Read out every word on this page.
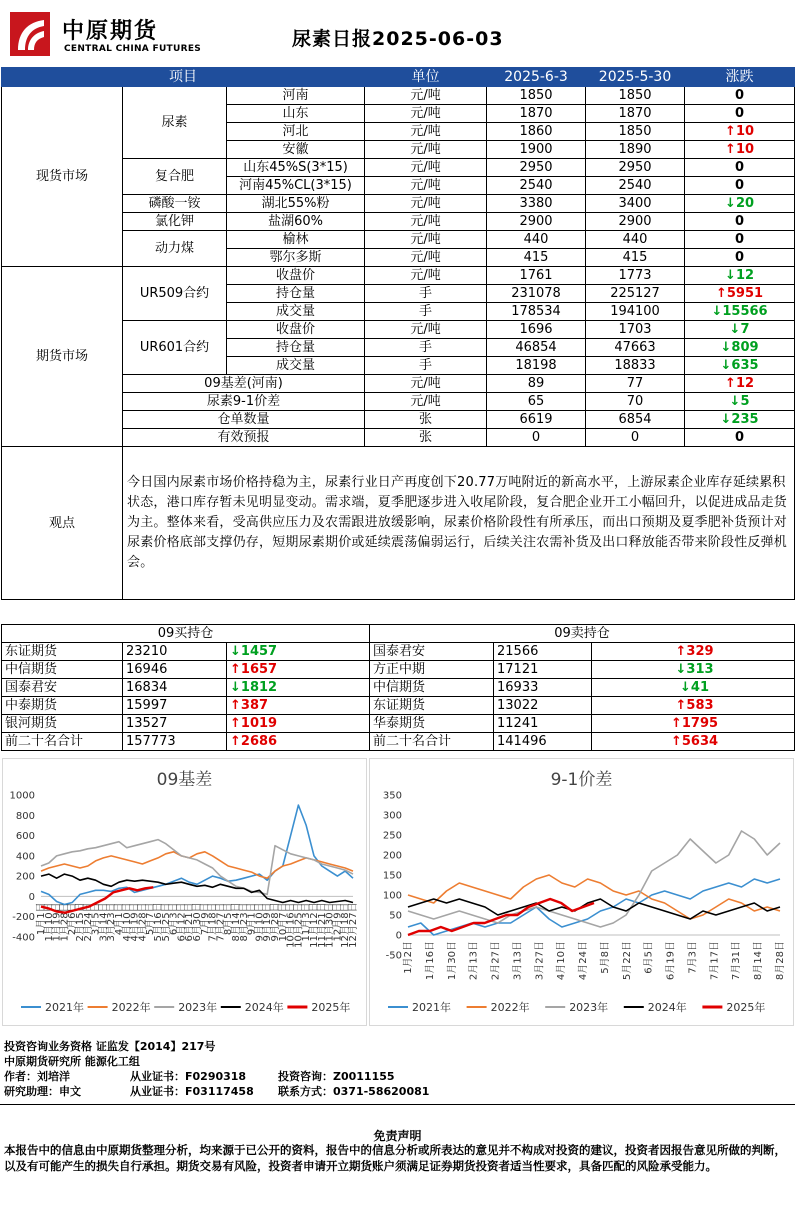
中原期货
CENTRAL CHINA FUTURES	尿素日报2025-06-03
项目			单位	2025-6-3	2025-5-30	涨跌
现货市场	尿素	河南	元/吨	1850	1850	0
		山东	元/吨	1870	1870	0
		河北	元/吨	1860	1850	↑10
		安徽	元/吨	1900	1890	↑10
	复合肥	山东45%S(3*15)	元/吨	2950	2950	0
		河南45%CL(3*15)	元/吨	2540	2540	0
	磷酸一铵	湖北55%粉	元/吨	3380	3400	↓20
	氯化钾	盐湖60%	元/吨	2900	2900	0
	动力煤	榆林	元/吨	440	440	0
		鄂尔多斯	元/吨	415	415	0
期货市场	UR509合约	收盘价	元/吨	1761	1773	↓12
		持仓量	手	231078	225127	↑5951
		成交量	手	178534	194100	↓15566
	UR601合约	收盘价	元/吨	1696	1703	↓7
		持仓量	手	46854	47663	↓809
		成交量	手	18198	18833	↓635
	09基差(河南)		元/吨	89	77	↑12
	尿素9-1价差		元/吨	65	70	↓5
	仓单数量		张	6619	6854	↓235
	有效预报		张	0	0	0
观点	今日国内尿素市场价格持稳为主，尿素行业日产再度创下20.77万吨附近的新高水平，上游尿素企业库存延续累积状态，港口库存暂未见明显变动。需求端，夏季肥逐步进入收尾阶段，复合肥企业开工小幅回升，以促进成品走货为主。整体来看，受高供应压力及农需跟进放缓影响，尿素价格阶段性有所承压，而出口预期及夏季肥补货预计对尿素价格底部支撑仍存，短期尿素期价或延续震荡偏弱运行，后续关注农需补货及出口释放能否带来阶段性反弹机会。					
09买持仓			09卖持仓		
东证期货	23210	↓1457	国泰君安	21566	↑329
中信期货	16946	↑1657	方正中期	17121	↓313
国泰君安	16834	↓1812	中信期货	16933	↓41
中泰期货	15997	↑387	东证期货	13022	↑583
银河期货	13527	↑1019	华泰期货	11241	↑1795
前二十名合计	157773	↑2686	前二十名合计	141496	↑5634
09基差
1000
800
600
400
200
0
-200
-400
1月1日
1月10日
1月19日
1月28日
2月6日
2月15日
2月24日
3月5日
3月14日
3月23日
4月1日
4月10日
4月19日
4月28日
5月7日
5月16日
5月25日
6月3日
6月12日
6月21日
6月30日
7月9日
7月18日
7月27日
8月5日
8月14日
8月23日
9月1日
9月10日
9月19日
9月28日
10月7日
10月16日
10月25日
11月3日
11月12日
11月21日
11月30日
12月9日
12月18日
12月27日
2021年	2022年	2023年	2024年	2025年
9-1价差
350
300
250
200
150
100
50
0
-50 1月2日 1月16日 1月30日 2月13日 2月27日 3月13日 3月27日 4月10日 4月24日 5月8日 5月22日 6月5日 6月19日 7月3日 7月17日 7月31日 8月14日 8月28日
2021年	2022年	2023年	2024年	2025年
投资咨询业务资格 证监发【2014】217号
中原期货研究所 能源化工组
作者：刘培洋	从业证书：F0290318	投资咨询：Z0011155
研究助理：申文	从业证书：F03117458 联系方式：0371-58620081
免责声明
本报告中的信息由中原期货整理分析，均来源于已公开的资料，报告中的信息分析或所表达的意见并不构成对投资的建议，投资者因报告意见所做的判断，以及有可能产生的损失自行承担。期货交易有风险，投资者申请开立期货账户须满足证券期货投资者适当性要求，具备匹配的风险承受能力。
